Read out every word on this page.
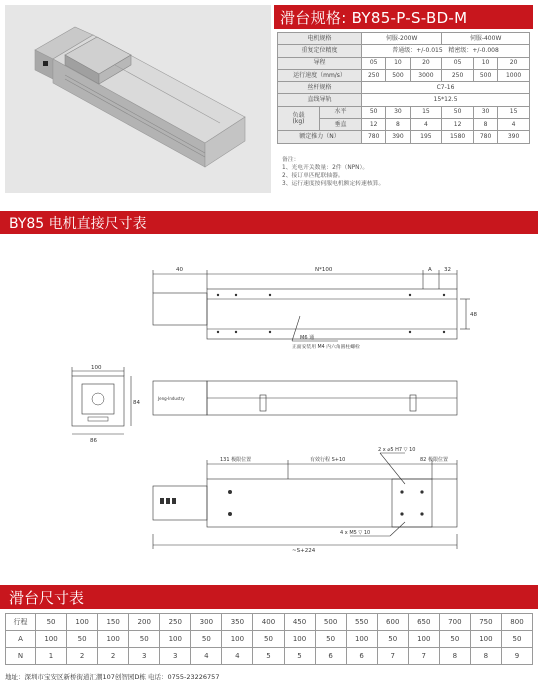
滑台规格: BY85-P-S-BD-M
电机规格		伺服-200W			伺服-400W		
重复定位精度		普通级：+/-0.015 精密级：+/-0.008					
导程		05	10	20	05	10	20
运行速度（mm/s）		250	500	3000	250	500	1000
丝杆规格		C7-16					
直线导轨		15*12.5					
负载
(kg)	水平	50	30	15	50	30	15
	垂直	12	8	4	12	8	4
额定推力（N）		780	390	195	1580	780	390
备注：
1、光电开关数量：2件（NPN）。
2、接订单匹配联轴器。
3、运行速度按伺服电机额定转速核算。
BY85 电机直接尺寸表
40	N*100	A 32
48
M6 通
正面安装用 M4 内六角圆柱螺栓
100
84
86
Jeng-Industry
131 极限位置	有效行程 S+10	82 极限位置
2 x ⌀5 H7 ▽ 10
4 x M5 ▽ 10
~S+224
滑台尺寸表
行程	50	100	150	200	250	300	350	400	450	500	550	600	650	700	750	800
A	100	50	100	50	100	50	100	50	100	50	100	50	100	50	100	50
N	1	2	2	3	3	4	4	5	5	6	6	7	7	8	8	9
地址：深圳市宝安区新桥街道汇潮107创智园D栋 电话：0755-23226757
